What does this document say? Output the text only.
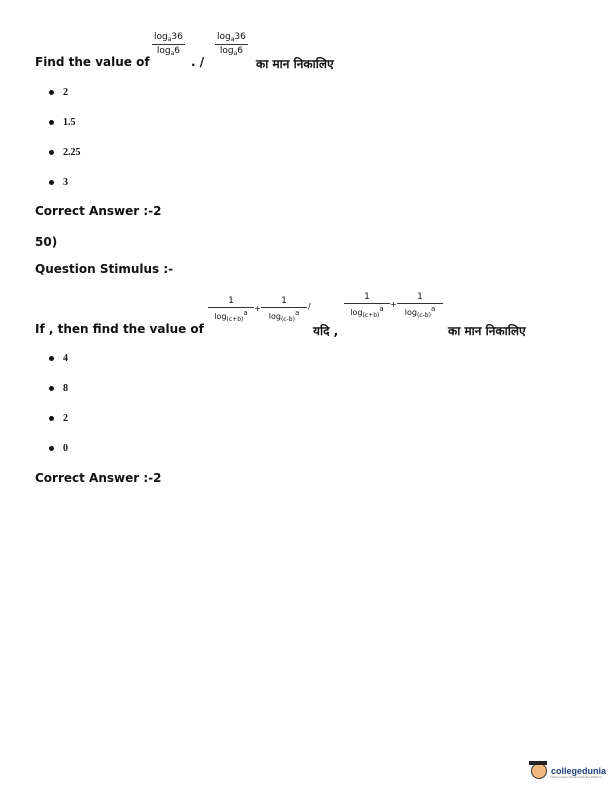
Find the value of
$\frac{\log_a36}{\log_a6}$
. /
$\frac{\log_a36}{\log_a6}$
का मान निकालिए
2
1.5
2.25
3
Correct Answer :-2
50)
Question Stimulus :-
If , then find the value of
$\frac{1}{\log_{(c+b)}a} + \frac{1}{\log_{(c-b)}a}$ /
यदि ,
$\frac{1}{\log_{(c+b)}a} + \frac{1}{\log_{(c-b)}a}$
का मान निकालिए
4
8
2
0
Correct Answer :-2
collegedunia
India's largest Student Review Platform
